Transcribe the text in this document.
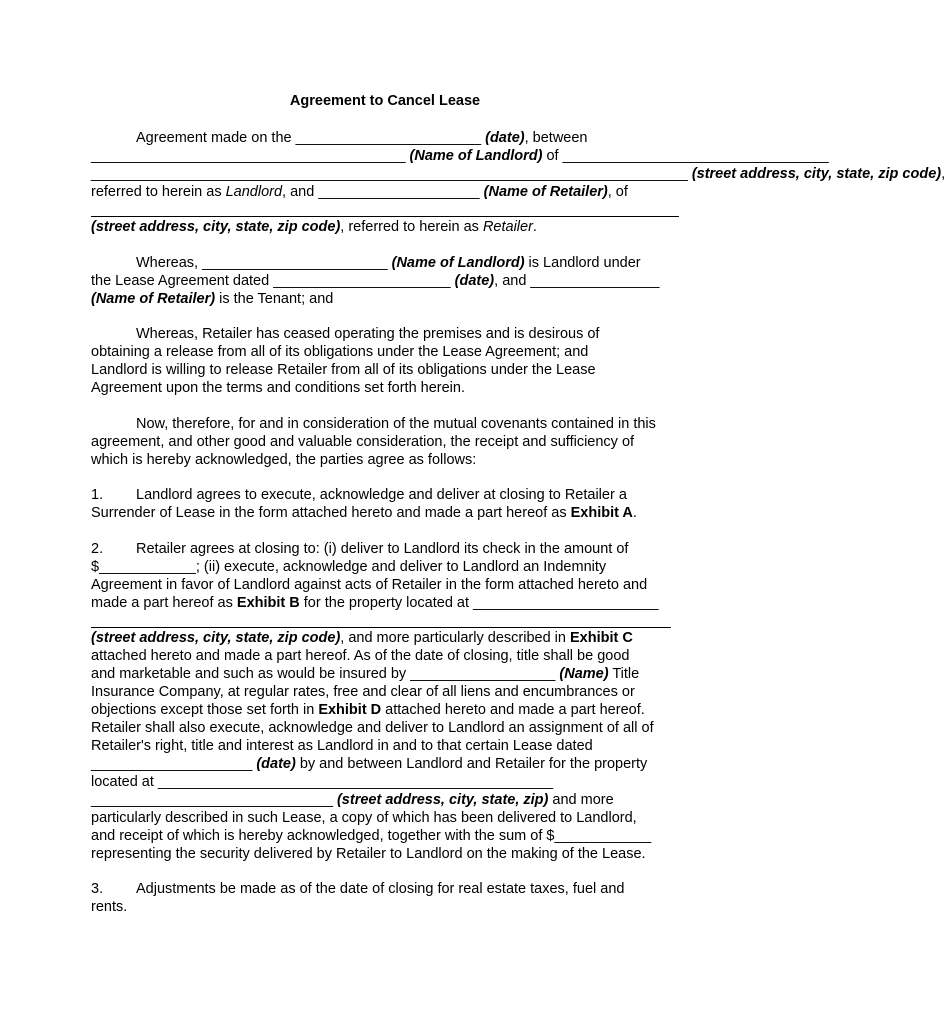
Agreement to Cancel Lease
Agreement made on the _______________________ (date), between
_______________________________________ (Name of Landlord) of _________________________________
__________________________________________________________________________ (street address, city, state, zip code),
referred to herein as Landlord, and ____________________ (Name of Retailer), of
(street address, city, state, zip code), referred to herein as Retailer.
Whereas, _______________________ (Name of Landlord) is Landlord under
the Lease Agreement dated ______________________ (date), and ________________
(Name of Retailer) is the Tenant; and
Whereas, Retailer has ceased operating the premises and is desirous of
obtaining a release from all of its obligations under the Lease Agreement; and
Landlord is willing to release Retailer from all of its obligations under the Lease
Agreement upon the terms and conditions set forth herein.
Now, therefore, for and in consideration of the mutual covenants contained in this
agreement, and other good and valuable consideration, the receipt and sufficiency of
which is hereby acknowledged, the parties agree as follows:
1. Landlord agrees to execute, acknowledge and deliver at closing to Retailer a
Surrender of Lease in the form attached hereto and made a part hereof as Exhibit A.
2. Retailer agrees at closing to: (i) deliver to Landlord its check in the amount of
$____________; (ii) execute, acknowledge and deliver to Landlord an Indemnity
Agreement in favor of Landlord against acts of Retailer in the form attached hereto and
made a part hereof as Exhibit B for the property located at _______________________
(street address, city, state, zip code), and more particularly described in Exhibit C
attached hereto and made a part hereof. As of the date of closing, title shall be good
and marketable and such as would be insured by __________________ (Name) Title
Insurance Company, at regular rates, free and clear of all liens and encumbrances or
objections except those set forth in Exhibit D attached hereto and made a part hereof.
Retailer shall also execute, acknowledge and deliver to Landlord an assignment of all of
Retailer's right, title and interest as Landlord in and to that certain Lease dated
____________________ (date) by and between Landlord and Retailer for the property
located at _________________________________________________
______________________________ (street address, city, state, zip) and more
particularly described in such Lease, a copy of which has been delivered to Landlord,
and receipt of which is hereby acknowledged, together with the sum of $____________
representing the security delivered by Retailer to Landlord on the making of the Lease.
3. Adjustments be made as of the date of closing for real estate taxes, fuel and
rents.
